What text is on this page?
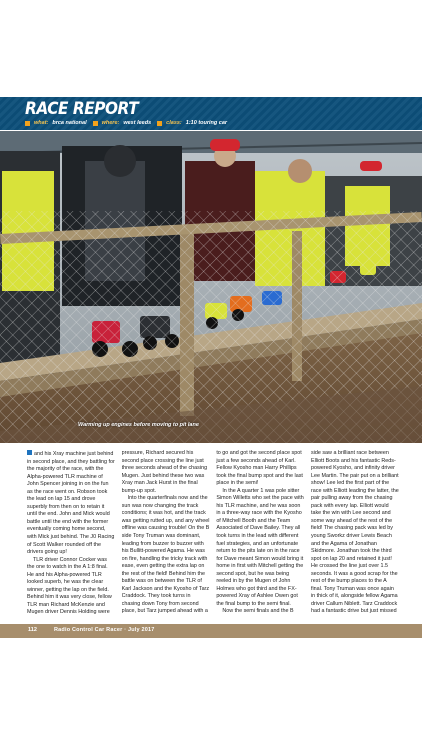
RACE REPORT
what: brca national	where: west leeds	class: 1:10 touring car
Warming up engines before moving to pit lane

and his Xray machine just behind in second place, and they battling for the majority of the race, with the Alpha-powered TLR machine of John Spencer joining in on the fun as the race went on. Robson took the lead on lap 15 and drove superbly from then on to retain it until the end. John and Mick would battle until the end with the former eventually coming home second, with Mick just behind. The J0 Racing of Scott Walker rounded off the drivers going up!

TLR driver Connor Cocker was the one to watch in the A 1:8 final. He and his Alpha-powered TLR looked superb, he was the clear winner, getting the lap on the field. Behind him it was very close, fellow TLR man Richard McKenzie and Mugen driver Dennis Holding were

pressure, Richard secured his second place crossing the line just three seconds ahead of the chasing Mugen. Just behind these two was Xray man Jack Hurst in the final bump-up spot.

Into the quarterfinals now and the sun was now changing the track conditions; it was hot, and the track was getting rutted up, and any wheel offline was causing trouble! On the B side Tony Truman was dominant, leading from buzzer to buzzer with his Bullitt-powered Agama. He was on fire, handling the tricky track with ease, even getting the extra lap on the rest of the field! Behind him the battle was on between the TLR of Karl Jackson and the Kyosho of Tarz Craddock. They took turns in chasing down Tony from second place, but Tarz jumped ahead with a

to go and got the second place spot just a few seconds ahead of Karl. Fellow Kyosho man Harry Phillips took the final bump spot and the last place in the semi!

In the A quarter 1 was pole sitter Simon Willetts who set the pace with his TLR machine, and he was soon in a three-way race with the Kyosho of Mitchell Booth and the Team Associated of Dave Bailey. They all took turns in the lead with different fuel strategies, and an unfortunate return to the pits late on in the race for Dave meant Simon would bring it home in first with Mitchell getting the second spot, but he was being reeled in by the Mugen of John Holmes who got third and the FX-powered Xray of Ashlee Owen got the final bump to the semi final.

Now the semi finals and the B

side saw a brilliant race between Elliott Boots and his fantastic Reds-powered Kyosho, and infinity driver Lee Martin. The pair put on a brilliant show! Lee led the first part of the race with Elliott leading the latter, the pair pulling away from the chasing pack with every lap. Elliott would take the win with Lee second and some way ahead of the rest of the field! The chasing pack was led by young Sworkz driver Lewis Beach and the Agama of Jonathan Skidmore. Jonathan took the third spot on lap 20 and retained it just! He crossed the line just over 1.5 seconds. It was a good scrap for the rest of the bump places to the A final. Tony Truman was once again in thick of it, alongside fellow Agama driver Callum Niblett. Tarz Craddock had a fantastic drive but just missed

112	Radio Control Car Racer · July 2017
